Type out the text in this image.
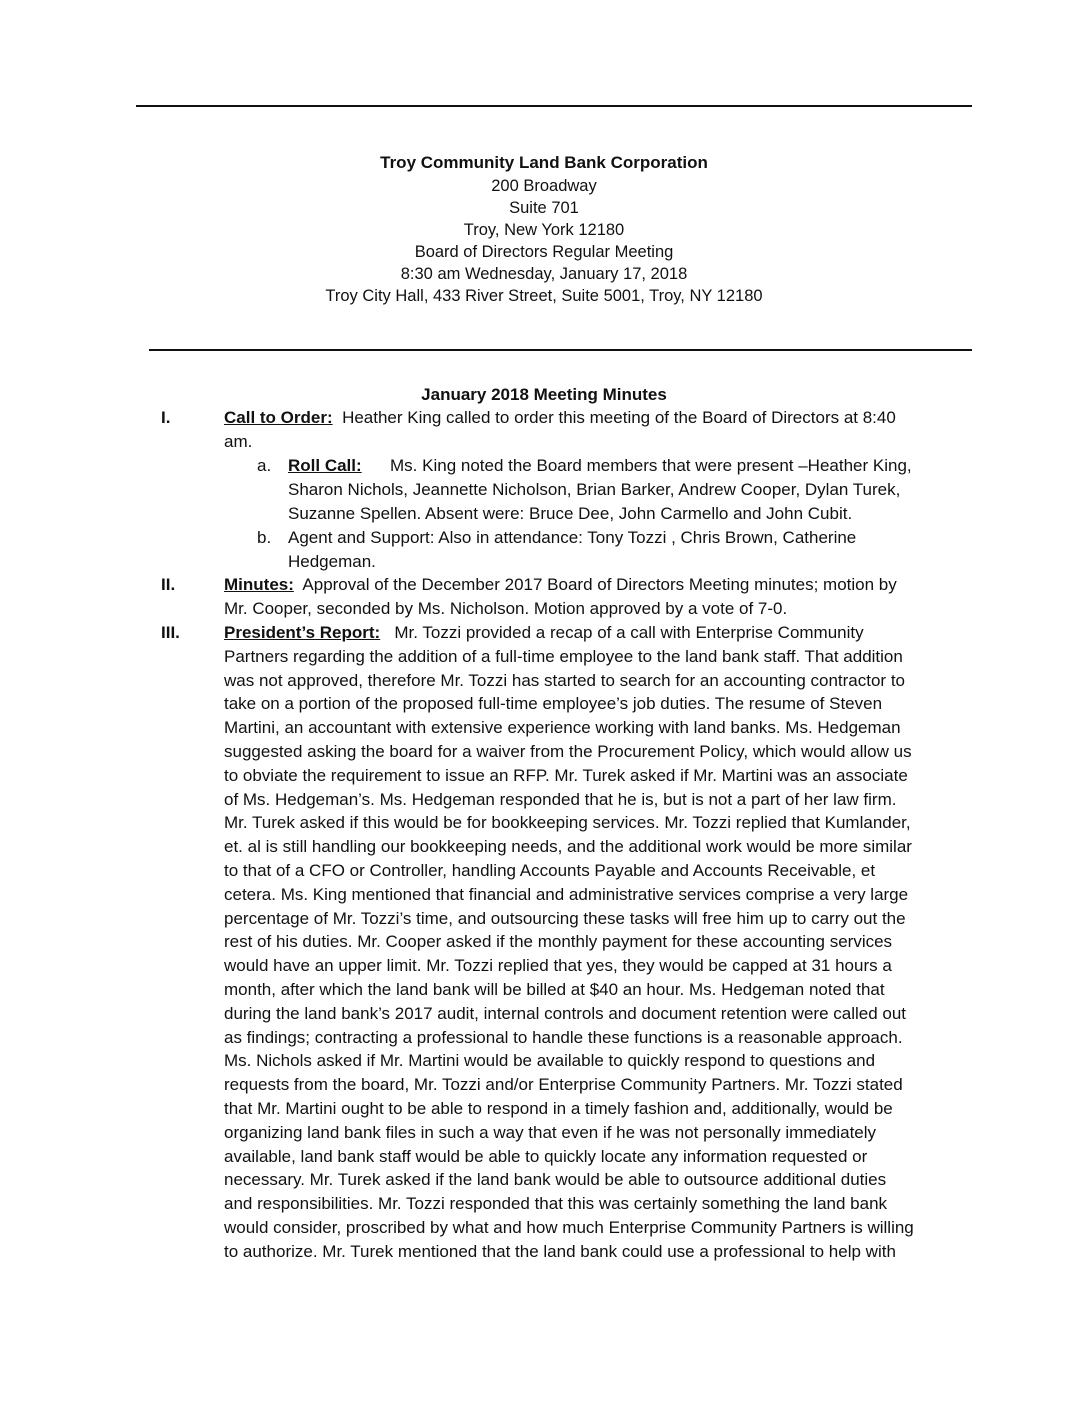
Troy Community Land Bank Corporation
200 Broadway
Suite 701
Troy, New York 12180
Board of Directors Regular Meeting
8:30 am Wednesday, January 17, 2018
Troy City Hall, 433 River Street, Suite 5001, Troy, NY 12180
January 2018 Meeting Minutes
I.	Call to Order:  Heather King called to order this meeting of the Board of Directors at 8:40
am.
a. Roll Call:      Ms. King noted the Board members that were present –Heather King,
Sharon Nichols, Jeannette Nicholson, Brian Barker, Andrew Cooper, Dylan Turek,
Suzanne Spellen. Absent were: Bruce Dee, John Carmello and John Cubit.
b. Agent and Support: Also in attendance: Tony Tozzi , Chris Brown, Catherine
Hedgeman.
II.	Minutes:  Approval of the December 2017 Board of Directors Meeting minutes; motion by
Mr. Cooper, seconded by Ms. Nicholson. Motion approved by a vote of 7-0.
III.	President’s Report:   Mr. Tozzi provided a recap of a call with Enterprise Community
Partners regarding the addition of a full-time employee to the land bank staff. That addition
was not approved, therefore Mr. Tozzi has started to search for an accounting contractor to
take on a portion of the proposed full-time employee’s job duties. The resume of Steven
Martini, an accountant with extensive experience working with land banks. Ms. Hedgeman
suggested asking the board for a waiver from the Procurement Policy, which would allow us
to obviate the requirement to issue an RFP. Mr. Turek asked if Mr. Martini was an associate
of Ms. Hedgeman’s. Ms. Hedgeman responded that he is, but is not a part of her law firm.
Mr. Turek asked if this would be for bookkeeping services. Mr. Tozzi replied that Kumlander,
et. al is still handling our bookkeeping needs, and the additional work would be more similar
to that of a CFO or Controller, handling Accounts Payable and Accounts Receivable, et
cetera. Ms. King mentioned that financial and administrative services comprise a very large
percentage of Mr. Tozzi’s time, and outsourcing these tasks will free him up to carry out the
rest of his duties. Mr. Cooper asked if the monthly payment for these accounting services
would have an upper limit. Mr. Tozzi replied that yes, they would be capped at 31 hours a
month, after which the land bank will be billed at $40 an hour. Ms. Hedgeman noted that
during the land bank’s 2017 audit, internal controls and document retention were called out
as findings; contracting a professional to handle these functions is a reasonable approach.
Ms. Nichols asked if Mr. Martini would be available to quickly respond to questions and
requests from the board, Mr. Tozzi and/or Enterprise Community Partners. Mr. Tozzi stated
that Mr. Martini ought to be able to respond in a timely fashion and, additionally, would be
organizing land bank files in such a way that even if he was not personally immediately
available, land bank staff would be able to quickly locate any information requested or
necessary. Mr. Turek asked if the land bank would be able to outsource additional duties
and responsibilities. Mr. Tozzi responded that this was certainly something the land bank
would consider, proscribed by what and how much Enterprise Community Partners is willing
to authorize. Mr. Turek mentioned that the land bank could use a professional to help with
